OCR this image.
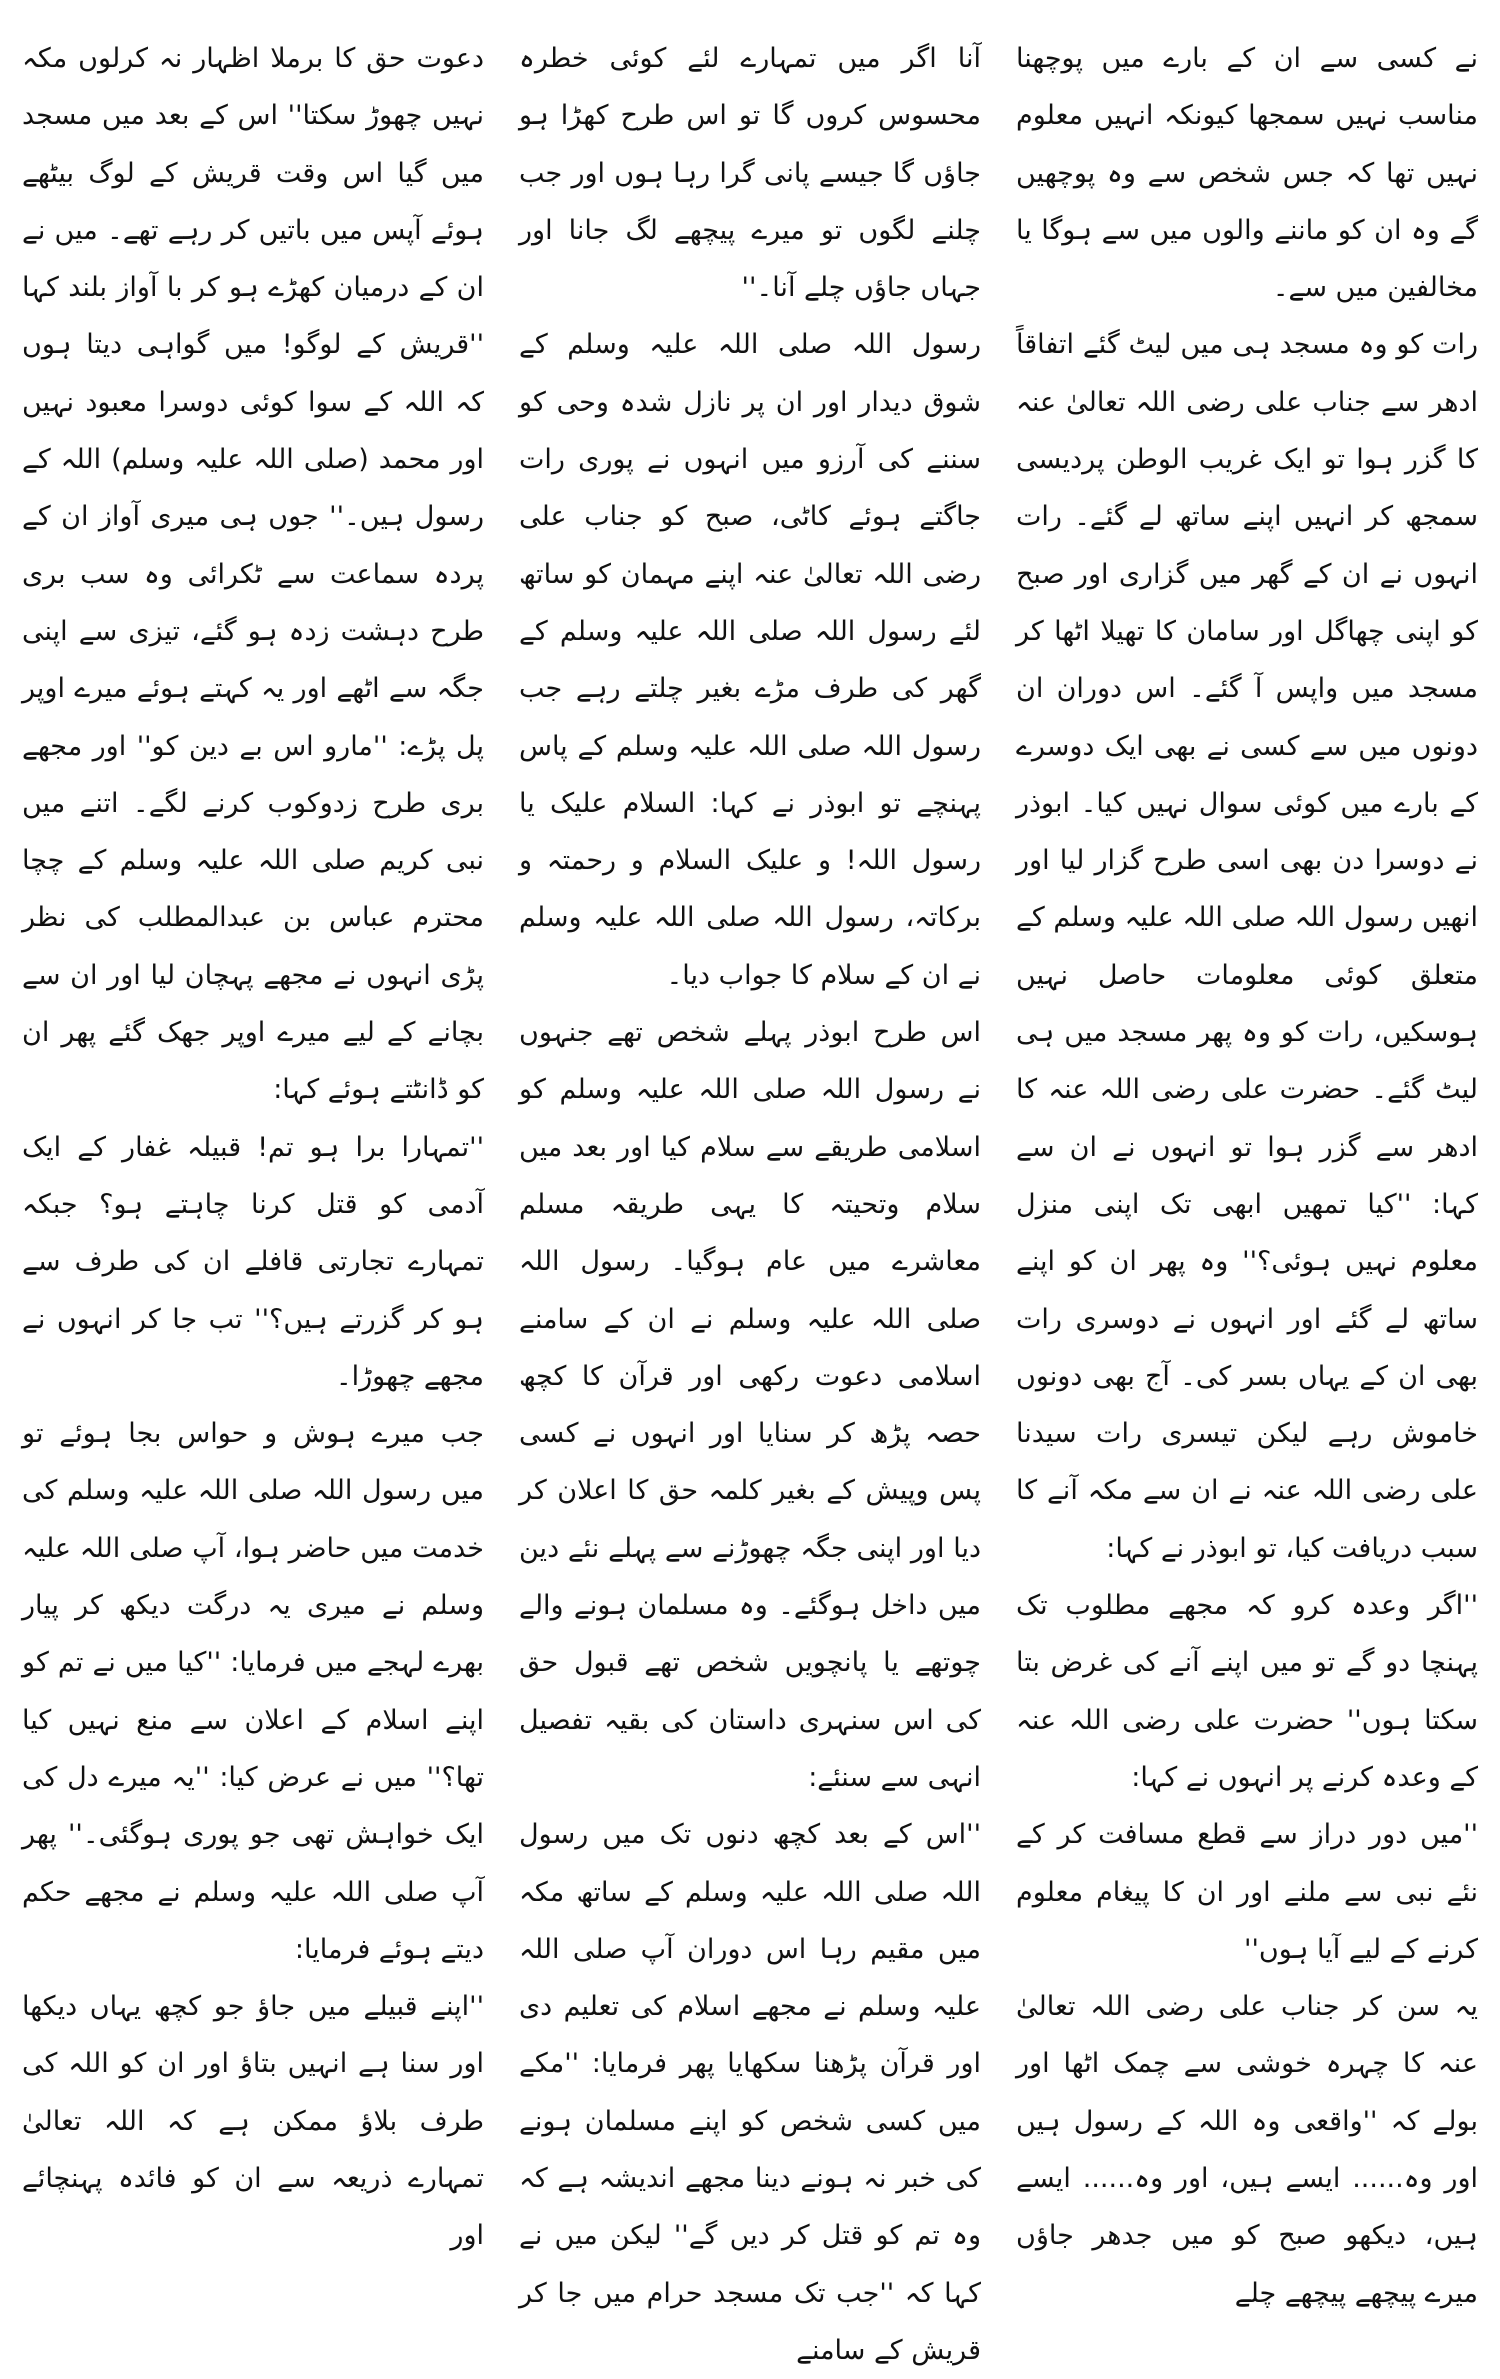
نے کسی سے ان کے بارے میں پوچھنا مناسب نہیں سمجھا کیونکہ انہیں معلوم نہیں تھا کہ جس شخص سے وہ پوچھیں گے وہ ان کو ماننے والوں میں سے ہوگا یا مخالفین میں سے۔

رات کو وہ مسجد ہی میں لیٹ گئے اتفاقاً ادھر سے جناب علی رضی اللہ تعالیٰ عنہ کا گزر ہوا تو ایک غریب الوطن پردیسی سمجھ کر انہیں اپنے ساتھ لے گئے۔ رات انہوں نے ان کے گھر میں گزاری اور صبح کو اپنی چھاگل اور سامان کا تھیلا اٹھا کر مسجد میں واپس آ گئے۔ اس دوران ان دونوں میں سے کسی نے بھی ایک دوسرے کے بارے میں کوئی سوال نہیں کیا۔ ابوذر نے دوسرا دن بھی اسی طرح گزار لیا اور انھیں رسول اللہ صلی اللہ علیہ وسلم کے متعلق کوئی معلومات حاصل نہیں ہوسکیں، رات کو وہ پھر مسجد میں ہی لیٹ گئے۔ حضرت علی رضی اللہ عنہ کا ادھر سے گزر ہوا تو انہوں نے ان سے کہا: ''کیا تمھیں ابھی تک اپنی منزل معلوم نہیں ہوئی؟'' وہ پھر ان کو اپنے ساتھ لے گئے اور انہوں نے دوسری رات بھی ان کے یہاں بسر کی۔ آج بھی دونوں خاموش رہے لیکن تیسری رات سیدنا علی رضی اللہ عنہ نے ان سے مکہ آنے کا سبب دریافت کیا، تو ابوذر نے کہا:

''اگر وعدہ کرو کہ مجھے مطلوب تک پہنچا دو گے تو میں اپنے آنے کی غرض بتا سکتا ہوں'' حضرت علی رضی اللہ عنہ کے وعدہ کرنے پر انہوں نے کہا:

''میں دور دراز سے قطع مسافت کر کے نئے نبی سے ملنے اور ان کا پیغام معلوم کرنے کے لیے آیا ہوں''

یہ سن کر جناب علی رضی اللہ تعالیٰ عنہ کا چہرہ خوشی سے چمک اٹھا اور بولے کہ ''واقعی وہ اللہ کے رسول ہیں اور وہ...... ایسے ہیں، اور وہ...... ایسے ہیں، دیکھو صبح کو میں جدھر جاؤں میرے پیچھے پیچھے چلے

آنا اگر میں تمہارے لئے کوئی خطرہ محسوس کروں گا تو اس طرح کھڑا ہو جاؤں گا جیسے پانی گرا رہا ہوں اور جب چلنے لگوں تو میرے پیچھے لگ جانا اور جہاں جاؤں چلے آنا۔''

رسول اللہ صلی اللہ علیہ وسلم کے شوق دیدار اور ان پر نازل شدہ وحی کو سننے کی آرزو میں انہوں نے پوری رات جاگتے ہوئے کاٹی، صبح کو جناب علی رضی اللہ تعالیٰ عنہ اپنے مہمان کو ساتھ لئے رسول اللہ صلی اللہ علیہ وسلم کے گھر کی طرف مڑے بغیر چلتے رہے جب رسول اللہ صلی اللہ علیہ وسلم کے پاس پہنچے تو ابوذر نے کہا: السلام علیک یا رسول اللہ! و علیک السلام و رحمتہ و برکاتہ، رسول اللہ صلی اللہ علیہ وسلم نے ان کے سلام کا جواب دیا۔

اس طرح ابوذر پہلے شخص تھے جنہوں نے رسول اللہ صلی اللہ علیہ وسلم کو اسلامی طریقے سے سلام کیا اور بعد میں سلام وتحیتہ کا یہی طریقہ مسلم معاشرے میں عام ہوگیا۔ رسول اللہ صلی اللہ علیہ وسلم نے ان کے سامنے اسلامی دعوت رکھی اور قرآن کا کچھ حصہ پڑھ کر سنایا اور انہوں نے کسی پس وپیش کے بغیر کلمہ حق کا اعلان کر دیا اور اپنی جگہ چھوڑنے سے پہلے نئے دین میں داخل ہوگئے۔ وہ مسلمان ہونے والے چوتھے یا پانچویں شخص تھے قبول حق کی اس سنہری داستان کی بقیہ تفصیل انہی سے سنئے:

''اس کے بعد کچھ دنوں تک میں رسول اللہ صلی اللہ علیہ وسلم کے ساتھ مکہ میں مقیم رہا اس دوران آپ صلی اللہ علیہ وسلم نے مجھے اسلام کی تعلیم دی اور قرآن پڑھنا سکھایا پھر فرمایا: ''مکے میں کسی شخص کو اپنے مسلمان ہونے کی خبر نہ ہونے دینا مجھے اندیشہ ہے کہ وہ تم کو قتل کر دیں گے'' لیکن میں نے کہا کہ ''جب تک مسجد حرام میں جا کر قریش کے سامنے

دعوت حق کا برملا اظہار نہ کرلوں مکہ نہیں چھوڑ سکتا'' اس کے بعد میں مسجد میں گیا اس وقت قریش کے لوگ بیٹھے ہوئے آپس میں باتیں کر رہے تھے۔ میں نے ان کے درمیان کھڑے ہو کر با آواز بلند کہا ''قریش کے لوگو! میں گواہی دیتا ہوں کہ اللہ کے سوا کوئی دوسرا معبود نہیں اور محمد (صلی اللہ علیہ وسلم) اللہ کے رسول ہیں۔'' جوں ہی میری آواز ان کے پردہ سماعت سے ٹکرائی وہ سب بری طرح دہشت زدہ ہو گئے، تیزی سے اپنی جگہ سے اٹھے اور یہ کہتے ہوئے میرے اوپر پل پڑے: ''مارو اس بے دین کو'' اور مجھے بری طرح زدوکوب کرنے لگے۔ اتنے میں نبی کریم صلی اللہ علیہ وسلم کے چچا محترم عباس بن عبدالمطلب کی نظر پڑی انہوں نے مجھے پہچان لیا اور ان سے بچانے کے لیے میرے اوپر جھک گئے پھر ان کو ڈانٹتے ہوئے کہا:

''تمہارا برا ہو تم! قبیلہ غفار کے ایک آدمی کو قتل کرنا چاہتے ہو؟ جبکہ تمہارے تجارتی قافلے ان کی طرف سے ہو کر گزرتے ہیں؟'' تب جا کر انہوں نے مجھے چھوڑا۔

جب میرے ہوش و حواس بجا ہوئے تو میں رسول اللہ صلی اللہ علیہ وسلم کی خدمت میں حاضر ہوا، آپ صلی اللہ علیہ وسلم نے میری یہ درگت دیکھ کر پیار بھرے لہجے میں فرمایا: ''کیا میں نے تم کو اپنے اسلام کے اعلان سے منع نہیں کیا تھا؟'' میں نے عرض کیا: ''یہ میرے دل کی ایک خواہش تھی جو پوری ہوگئی۔'' پھر آپ صلی اللہ علیہ وسلم نے مجھے حکم دیتے ہوئے فرمایا:

''اپنے قبیلے میں جاؤ جو کچھ یہاں دیکھا اور سنا ہے انہیں بتاؤ اور ان کو اللہ کی طرف بلاؤ ممکن ہے کہ اللہ تعالیٰ تمہارے ذریعہ سے ان کو فائدہ پہنچائے اور
